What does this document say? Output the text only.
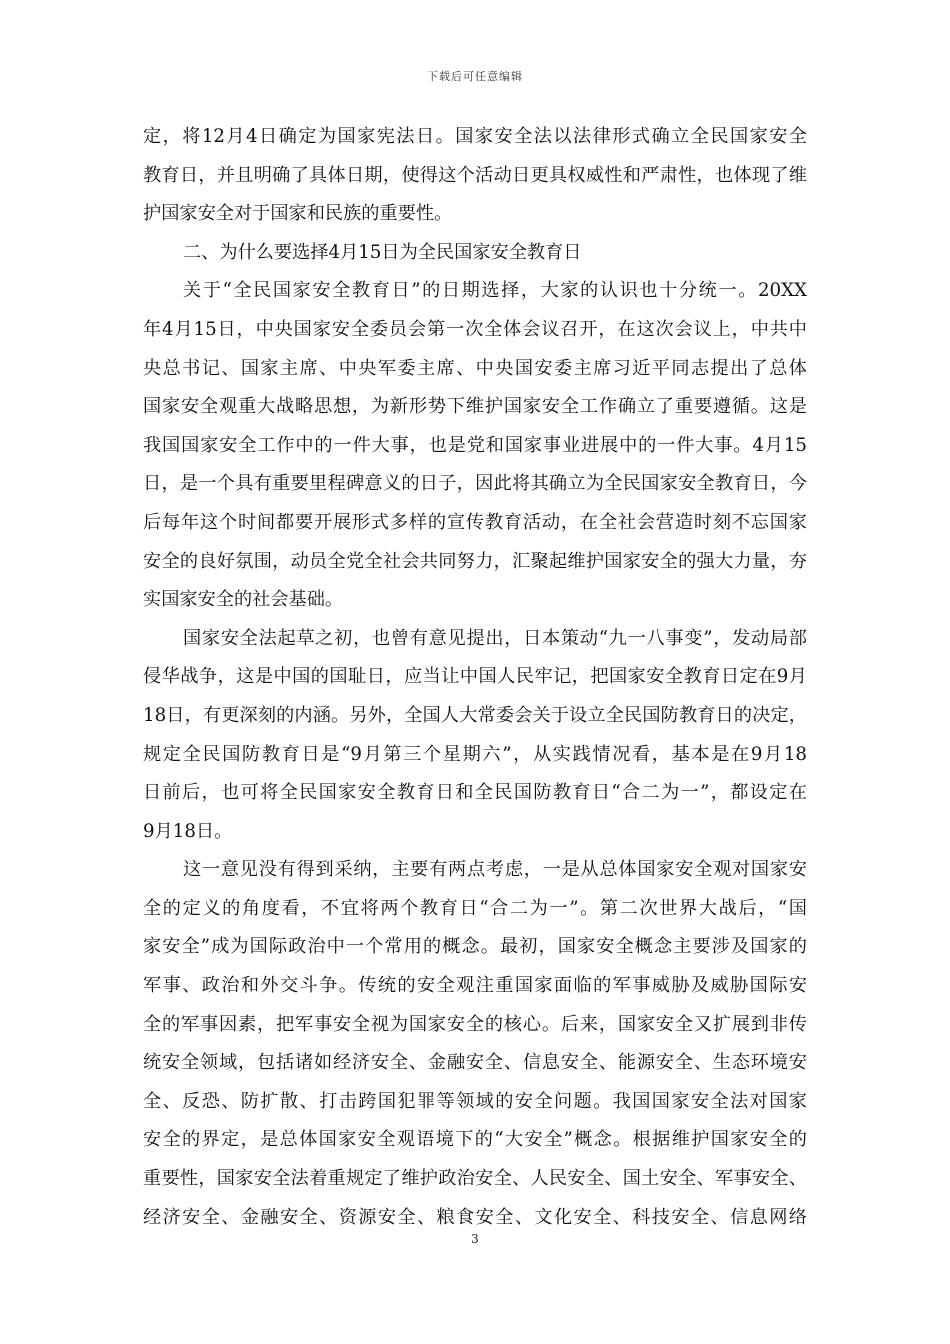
下载后可任意编辑
定，将12月4日确定为国家宪法日。国家安全法以法律形式确立全民国家安全
教育日，并且明确了具体日期，使得这个活动日更具权威性和严肃性，也体现了维
护国家安全对于国家和民族的重要性。
二、为什么要选择4月15日为全民国家安全教育日
关于“全民国家安全教育日”的日期选择，大家的认识也十分统一。20XX
年4月15日，中央国家安全委员会第一次全体会议召开，在这次会议上，中共中
央总书记、国家主席、中央军委主席、中央国安委主席习近平同志提出了总体
国家安全观重大战略思想，为新形势下维护国家安全工作确立了重要遵循。这是
我国国家安全工作中的一件大事，也是党和国家事业进展中的一件大事。4月15
日，是一个具有重要里程碑意义的日子，因此将其确立为全民国家安全教育日，今
后每年这个时间都要开展形式多样的宣传教育活动，在全社会营造时刻不忘国家
安全的良好氛围，动员全党全社会共同努力，汇聚起维护国家安全的强大力量，夯
实国家安全的社会基础。
国家安全法起草之初，也曾有意见提出，日本策动“九一八事变”，发动局部
侵华战争，这是中国的国耻日，应当让中国人民牢记，把国家安全教育日定在9月
18日，有更深刻的内涵。另外，全国人大常委会关于设立全民国防教育日的决定，
规定全民国防教育日是“9月第三个星期六”，从实践情况看，基本是在9月18
日前后，也可将全民国家安全教育日和全民国防教育日“合二为一”，都设定在
9月18日。
这一意见没有得到采纳，主要有两点考虑，一是从总体国家安全观对国家安
全的定义的角度看，不宜将两个教育日“合二为一”。第二次世界大战后，“国
家安全”成为国际政治中一个常用的概念。最初，国家安全概念主要涉及国家的
军事、政治和外交斗争。传统的安全观注重国家面临的军事威胁及威胁国际安
全的军事因素，把军事安全视为国家安全的核心。后来，国家安全又扩展到非传
统安全领域，包括诸如经济安全、金融安全、信息安全、能源安全、生态环境安
全、反恐、防扩散、打击跨国犯罪等领域的安全问题。我国国家安全法对国家
安全的界定，是总体国家安全观语境下的“大安全”概念。根据维护国家安全的
重要性，国家安全法着重规定了维护政治安全、人民安全、国土安全、军事安全、
经济安全、金融安全、资源安全、粮食安全、文化安全、科技安全、信息网络
3
